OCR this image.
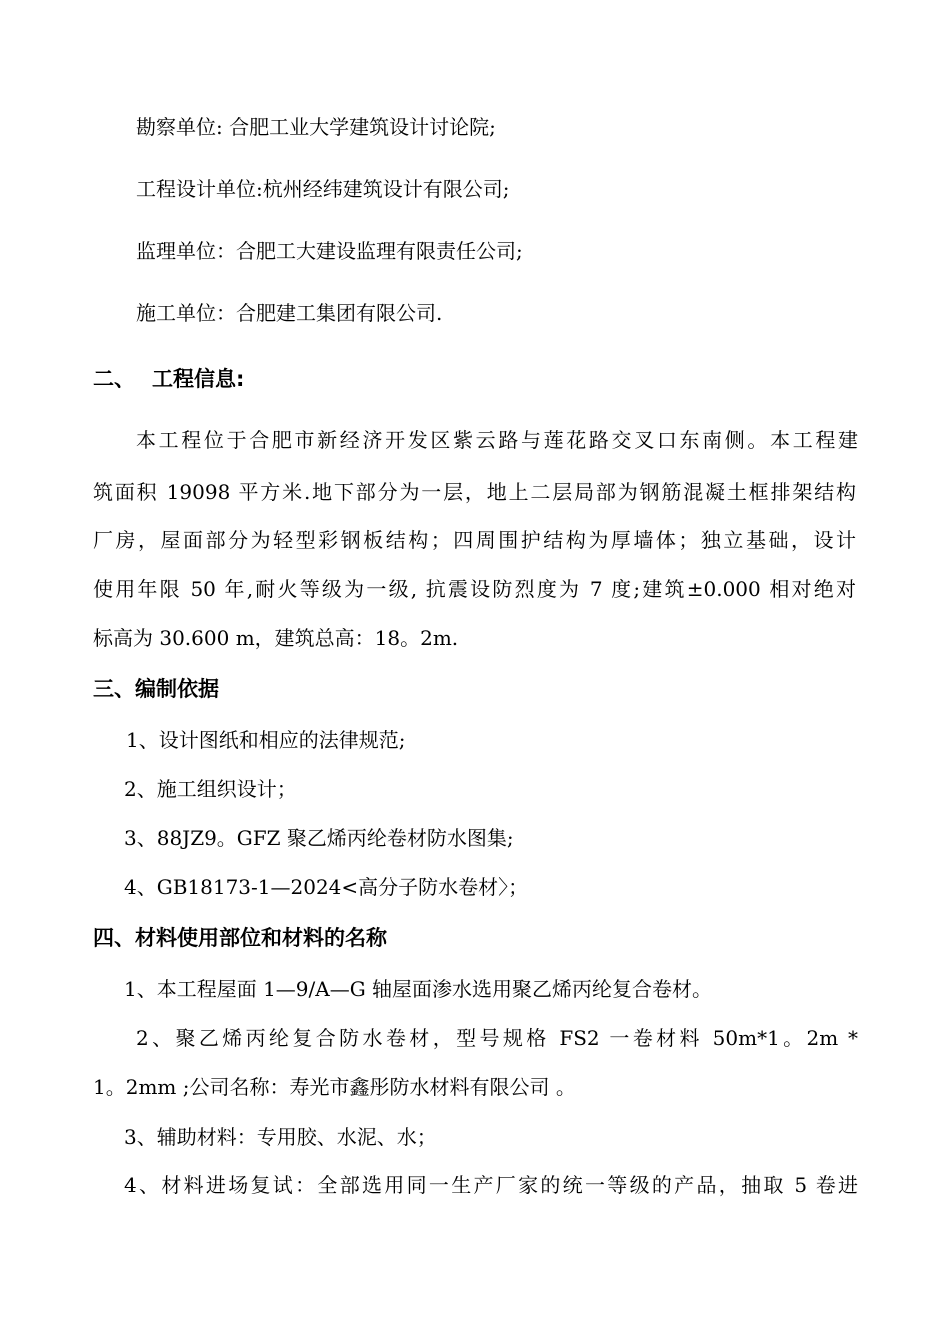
勘察单位: 合肥工业大学建筑设计讨论院;
工程设计单位:杭州经纬建筑设计有限公司;
监理单位：合肥工大建设监理有限责任公司;
施工单位：合肥建工集团有限公司.
二、 工程信息:
本工程位于合肥市新经济开发区紫云路与莲花路交叉口东南侧。本工程建
筑面积 19098 平方米.地下部分为一层，地上二层局部为钢筋混凝土框排架结构
厂房，屋面部分为轻型彩钢板结构；四周围护结构为厚墙体；独立基础，设计
使用年限 50 年,耐火等级为一级, 抗震设防烈度为 7 度;建筑±0.000 相对绝对
标高为 30.600 m，建筑总高：18。2m.
三、编制依据
1、设计图纸和相应的法律规范;
2、施工组织设计；
3、88JZ9。GFZ 聚乙烯丙纶卷材防水图集;
4、GB18173-1—2024<高分子防水卷材〉；
四、材料使用部位和材料的名称
1、本工程屋面 1—9/A—G 轴屋面渗水选用聚乙烯丙纶复合卷材。
2、聚乙烯丙纶复合防水卷材，型号规格 FS2 一卷材料 50m*1。2m *
1。2mm ;公司名称：寿光市鑫彤防水材料有限公司 。
3、辅助材料：专用胶、水泥、水；
4、材料进场复试：全部选用同一生产厂家的统一等级的产品，抽取 5 卷进
